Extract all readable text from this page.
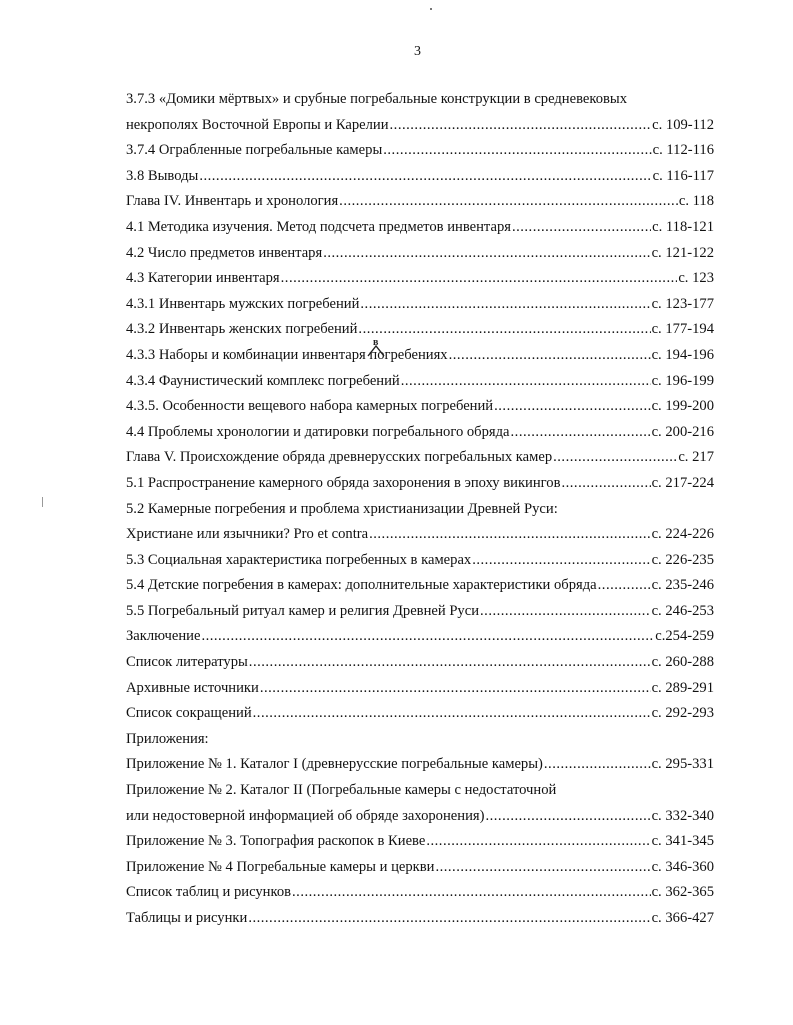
3
3.7.3 «Домики мёртвых» и срубные погребальные конструкции в средневековых
некрополях Восточной Европы и Карелии .....	с. 109-112
3.7.4 Ограбленные погребальные камеры .....	с. 112-116
3.8 Выводы .....	с. 116-117
Глава IV. Инвентарь и хронология .....	с. 118
4.1 Методика изучения. Метод подсчета предметов инвентаря .....	с. 118-121
4.2 Число предметов инвентаря .....	с. 121-122
4.3 Категории инвентаря .....	с. 123
4.3.1 Инвентарь мужских погребений .....	с. 123-177
4.3.2 Инвентарь женских погребений .....	с. 177-194
4.3.3 Наборы и комбинации инвентаря погребениях .....	с. 194-196
4.3.4 Фаунистический комплекс погребений .....	с. 196-199
4.3.5. Особенности вещевого набора камерных погребений .....	с. 199-200
4.4 Проблемы хронологии и датировки погребального обряда .....	с. 200-216
Глава V. Происхождение обряда древнерусских погребальных камер .....	с. 217
5.1 Распространение камерного обряда захоронения в эпоху викингов .....	с. 217-224
5.2 Камерные погребения и проблема христианизации Древней Руси:
Христиане или язычники? Pro et contra .....	с. 224-226
5.3 Социальная характеристика погребенных в камерах .....	с. 226-235
5.4 Детские погребения в камерах: дополнительные характеристики обряда .....	с. 235-246
5.5 Погребальный ритуал камер и религия Древней Руси .....	с. 246-253
Заключение .....	с.254-259
Список литературы .....	с. 260-288
Архивные источники .....	с. 289-291
Список сокращений .....	с. 292-293
Приложения:
Приложение № 1. Каталог I (древнерусские погребальные камеры) .....	с. 295-331
Приложение № 2. Каталог II (Погребальные камеры с недостаточной
или недостоверной информацией об обряде захоронения) .....	с. 332-340
Приложение № 3. Топография раскопок в Киеве .....	с. 341-345
Приложение № 4 Погребальные камеры и церкви .....	с. 346-360
Список таблиц и рисунков .....	с. 362-365
Таблицы и рисунки .....	с. 366-427
в
